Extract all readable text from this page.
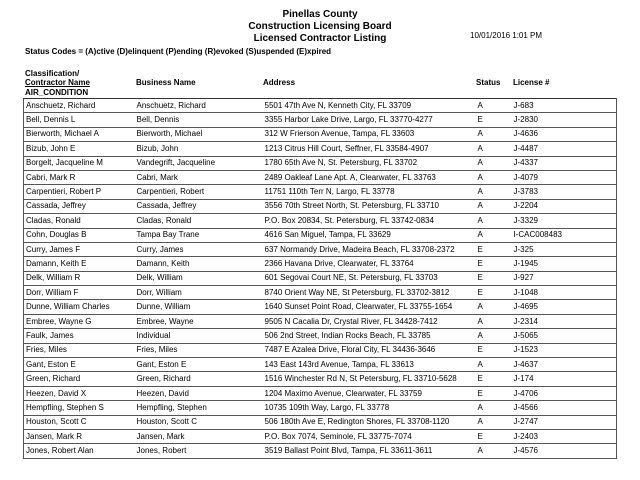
Pinellas County
Construction Licensing Board
Licensed Contractor Listing	10/01/2016 1:01 PM
Status Codes = (A)ctive (D)elinquent (P)ending (R)evoked (S)uspended (E)xpired
Classification/
Contractor Name	Business Name	Address	Status License #
AIR_CONDITION
Anschuetz, Richard	Anschuetz, Richard	5501 47th Ave N, Kenneth City, FL 33709	A	J-683
Bell, Dennis L	Bell, Dennis	3355 Harbor Lake Drive, Largo, FL 33770-4277	E	J-2830
Bierworth, Michael A	Bierworth, Michael	312 W Frierson Avenue, Tampa, FL 33603	A	J-4636
Bizub, John E	Bizub, John	1213 Citrus Hill Court, Seffner, FL 33584-4907	A	J-4487
Borgelt, Jacqueline M	Vandegrift, Jacqueline	1780 65th Ave N, St. Petersburg, FL 33702	A	J-4337
Cabri, Mark R	Cabri, Mark	2489 Oakleaf Lane Apt. A, Clearwater, FL 33763	A	J-4079
Carpentieri, Robert P	Carpentieri, Robert	11751 110th Terr N, Largo, FL 33778	A	J-3783
Cassada, Jeffrey	Cassada, Jeffrey	3556 70th Street North, St. Petersburg, FL 33710	A	J-2204
Cladas, Ronald	Cladas, Ronald	P.O. Box 20834, St. Petersburg, FL 33742-0834	A	J-3329
Cohn, Douglas B	Tampa Bay Trane	4616 San Miguel, Tampa, FL 33629	A	I-CAC008483
Curry, James F	Curry, James	637 Normandy Drive, Madeira Beach, FL 33708-2372	E	J-325
Damann, Keith E	Damann, Keith	2366 Havana Drive, Clearwater, FL 33764	E	J-1945
Delk, William R	Delk, William	601 Segovai Court NE, St. Petersburg, FL 33703	E	J-927
Dorr, William F	Dorr, William	8740 Orient Way NE, St Petersburg, FL 33702-3812	E	J-1048
Dunne, William Charles	Dunne, William	1640 Sunset Point Road, Clearwater, FL 33755-1654	A	J-4695
Embree, Wayne G	Embree, Wayne	9505 N Cacalia Dr, Crystal River, FL 34428-7412	A	J-2314
Faulk, James	Individual	506 2nd Street, Indian Rocks Beach, FL 33785	A	J-5065
Fries, Miles	Fries, Miles	7487 E Azalea Drive, Floral City, FL 34436-3646	E	J-1523
Gant, Eston E	Gant, Eston E	143 East 143rd Avenue, Tampa, FL 33613	A	J-4637
Green, Richard	Green, Richard	1516 Winchester Rd N, St Petersburg, FL 33710-5628	E	J-174
Heezen, David X	Heezen, David	1204 Maximo Avenue, Clearwater, FL 33759	E	J-4706
Hempfling, Stephen S	Hempfling, Stephen	10735 109th Way, Largo, FL 33778	A	J-4566
Houston, Scott C	Houston, Scott C	506 180th Ave E, Redington Shores, FL 33708-1120	A	J-2747
Jansen, Mark R	Jansen, Mark	P.O. Box 7074, Seminole, FL 33775-7074	E	J-2403
Jones, Robert Alan	Jones, Robert	3519 Ballast Point Blvd, Tampa, FL 33611-3611	A	J-4576
